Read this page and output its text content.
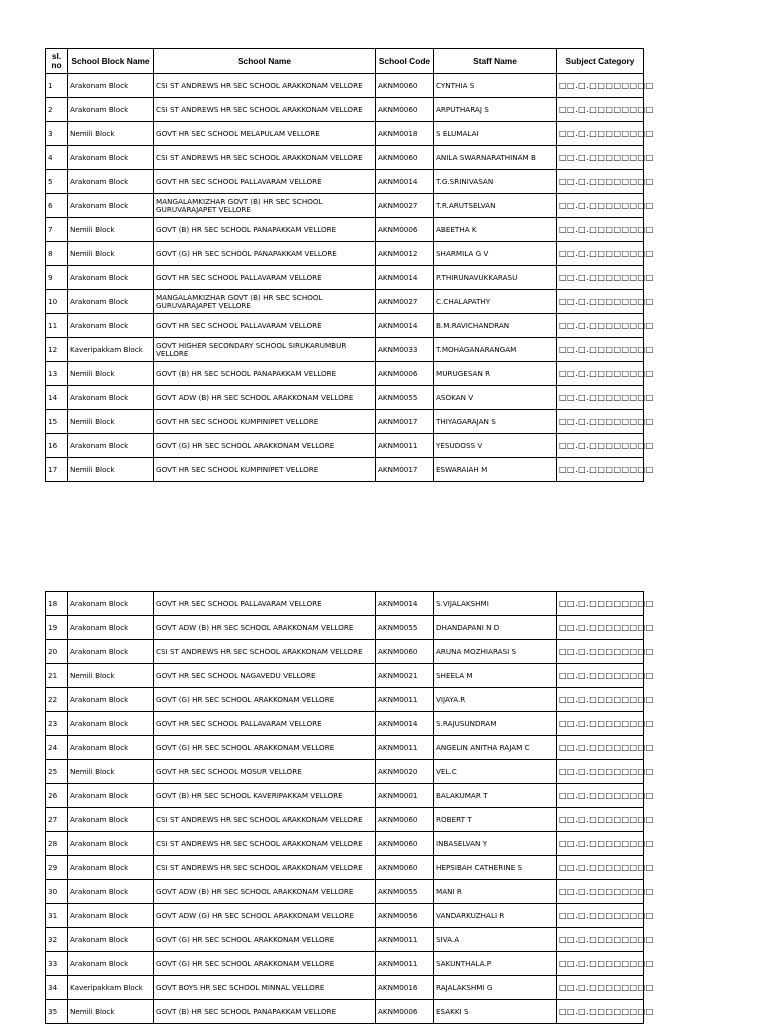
sl. no	School Block Name	School Name	School Code	Staff Name	Subject Category
1	Arakonam Block	CSI ST ANDREWS HR SEC SCHOOL ARAKKONAM VELLORE	AKNM0060	CYNTHIA S	□□.□.□□□□□□□□
2	Arakonam Block	CSI ST ANDREWS HR SEC SCHOOL ARAKKONAM VELLORE	AKNM0060	ARPUTHARAJ S	□□.□.□□□□□□□□
3	Nemili Block	GOVT HR SEC SCHOOL MELAPULAM VELLORE	AKNM0018	S ELUMALAI	□□.□.□□□□□□□□
4	Arakonam Block	CSI ST ANDREWS HR SEC SCHOOL ARAKKONAM VELLORE	AKNM0060	ANILA SWARNARATHINAM B	□□.□.□□□□□□□□
5	Arakonam Block	GOVT HR SEC SCHOOL PALLAVARAM VELLORE	AKNM0014	T.G.SRINIVASAN	□□.□.□□□□□□□□
6	Arakonam Block	MANGALAMKIZHAR GOVT (B) HR SEC SCHOOL GURUVARAJAPET VELLORE	AKNM0027	T.R.ARUTSELVAN	□□.□.□□□□□□□□
7	Nemili Block	GOVT (B) HR SEC SCHOOL PANAPAKKAM VELLORE	AKNM0006	ABEETHA K	□□.□.□□□□□□□□
8	Nemili Block	GOVT (G) HR SEC SCHOOL PANAPAKKAM VELLORE	AKNM0012	SHARMILA G V	□□.□.□□□□□□□□
9	Arakonam Block	GOVT HR SEC SCHOOL PALLAVARAM VELLORE	AKNM0014	P.THIRUNAVUKKARASU	□□.□.□□□□□□□□
10	Arakonam Block	MANGALAMKIZHAR GOVT (B) HR SEC SCHOOL GURUVARAJAPET VELLORE	AKNM0027	C.CHALAPATHY	□□.□.□□□□□□□□
11	Arakonam Block	GOVT HR SEC SCHOOL PALLAVARAM VELLORE	AKNM0014	B.M.RAVICHANDRAN	□□.□.□□□□□□□□
12	Kaveripakkam Block	GOVT HIGHER SECONDARY SCHOOL SIRUKARUMBUR VELLORE	AKNM0033	T.MOHAGANARANGAM	□□.□.□□□□□□□□
13	Nemili Block	GOVT (B) HR SEC SCHOOL PANAPAKKAM VELLORE	AKNM0006	MURUGESAN R	□□.□.□□□□□□□□
14	Arakonam Block	GOVT ADW (B) HR SEC SCHOOL ARAKKONAM VELLORE	AKNM0055	ASOKAN V	□□.□.□□□□□□□□
15	Nemili Block	GOVT HR SEC SCHOOL KUMPINIPET VELLORE	AKNM0017	THIYAGARAJAN S	□□.□.□□□□□□□□
16	Arakonam Block	GOVT (G) HR SEC SCHOOL ARAKKONAM VELLORE	AKNM0011	YESUDOSS V	□□.□.□□□□□□□□
17	Nemili Block	GOVT HR SEC SCHOOL KUMPINIPET VELLORE	AKNM0017	ESWARAIAH M	□□.□.□□□□□□□□
18	Arakonam Block	GOVT HR SEC SCHOOL PALLAVARAM VELLORE	AKNM0014	S.VIJALAKSHMI	□□.□.□□□□□□□□
19	Arakonam Block	GOVT ADW (B) HR SEC SCHOOL ARAKKONAM VELLORE	AKNM0055	DHANDAPANI N D	□□.□.□□□□□□□□
20	Arakonam Block	CSI ST ANDREWS HR SEC SCHOOL ARAKKONAM VELLORE	AKNM0060	ARUNA MOZHIARASI S	□□.□.□□□□□□□□
21	Nemili Block	GOVT HR SEC SCHOOL NAGAVEDU VELLORE	AKNM0021	SHEELA M	□□.□.□□□□□□□□
22	Arakonam Block	GOVT (G) HR SEC SCHOOL ARAKKONAM VELLORE	AKNM0011	VIJAYA.R	□□.□.□□□□□□□□
23	Arakonam Block	GOVT HR SEC SCHOOL PALLAVARAM VELLORE	AKNM0014	S.RAJUSUNDRAM	□□.□.□□□□□□□□
24	Arakonam Block	GOVT (G) HR SEC SCHOOL ARAKKONAM VELLORE	AKNM0011	ANGELIN ANITHA RAJAM C	□□.□.□□□□□□□□
25	Nemili Block	GOVT HR SEC SCHOOL MOSUR VELLORE	AKNM0020	VEL.C	□□.□.□□□□□□□□
26	Arakonam Block	GOVT (B) HR SEC SCHOOL KAVERIPAKKAM VELLORE	AKNM0001	BALAKUMAR T	□□.□.□□□□□□□□
27	Arakonam Block	CSI ST ANDREWS HR SEC SCHOOL ARAKKONAM VELLORE	AKNM0060	ROBERT T	□□.□.□□□□□□□□
28	Arakonam Block	CSI ST ANDREWS HR SEC SCHOOL ARAKKONAM VELLORE	AKNM0060	INBASELVAN Y	□□.□.□□□□□□□□
29	Arakonam Block	CSI ST ANDREWS HR SEC SCHOOL ARAKKONAM VELLORE	AKNM0060	HEPSIBAH CATHERINE S	□□.□.□□□□□□□□
30	Arakonam Block	GOVT ADW (B) HR SEC SCHOOL ARAKKONAM VELLORE	AKNM0055	MANI R	□□.□.□□□□□□□□
31	Arakonam Block	GOVT ADW (G) HR SEC SCHOOL ARAKKONAM VELLORE	AKNM0056	VANDARKUZHALI R	□□.□.□□□□□□□□
32	Arakonam Block	GOVT (G) HR SEC SCHOOL ARAKKONAM VELLORE	AKNM0011	SIVA.A	□□.□.□□□□□□□□
33	Arakonam Block	GOVT (G) HR SEC SCHOOL ARAKKONAM VELLORE	AKNM0011	SAKUNTHALA.P	□□.□.□□□□□□□□
34	Kaveripakkam Block	GOVT BOYS HR SEC SCHOOL MINNAL VELLORE	AKNM0016	RAJALAKSHMI G	□□.□.□□□□□□□□
35	Nemili Block	GOVT (B) HR SEC SCHOOL PANAPAKKAM VELLORE	AKNM0006	ESAKKI S	□□.□.□□□□□□□□
